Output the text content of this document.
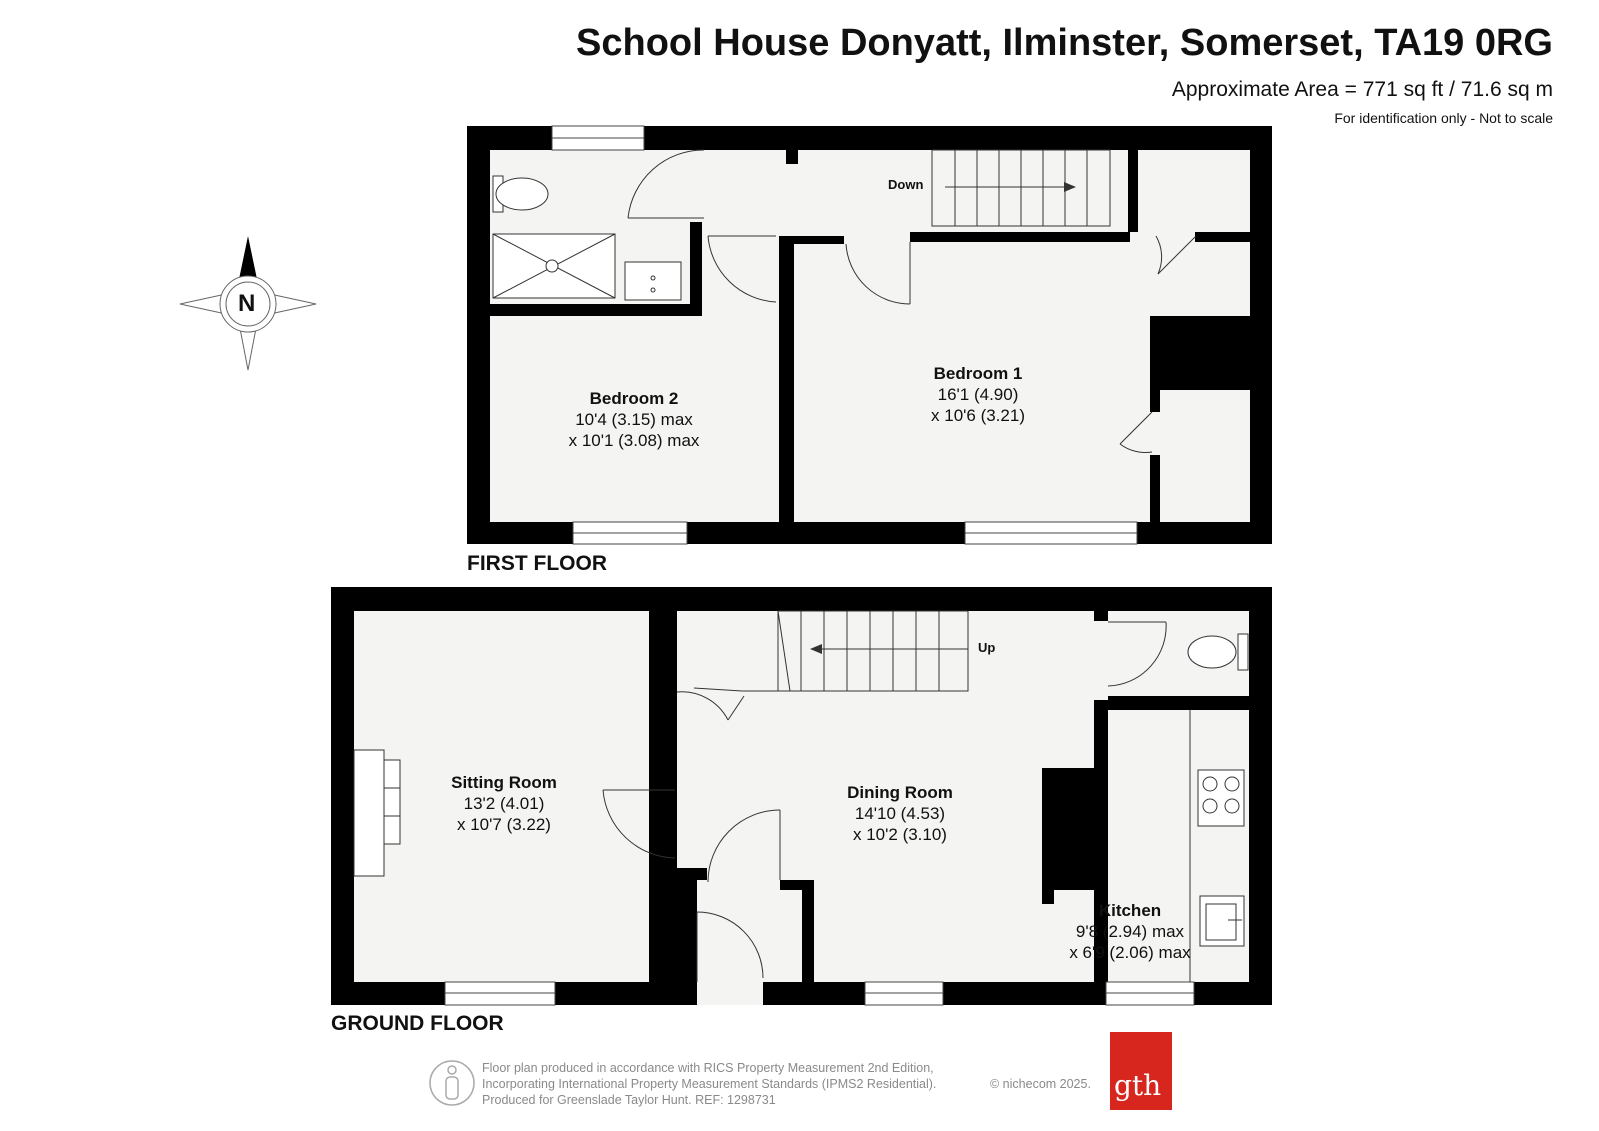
School House Donyatt, Ilminster, Somerset, TA19 0RG
Approximate Area = 771 sq ft / 71.6 sq m
For identification only - Not to scale
N
FIRST FLOOR
GROUND FLOOR
Down
Up
Bedroom 2
10'4 (3.15) max
x 10'1 (3.08) max
Bedroom 1
16'1 (4.90)
x 10'6 (3.21)
Sitting Room
13'2 (4.01)
x 10'7 (3.22)
Dining Room
14'10 (4.53)
x 10'2 (3.10)
Kitchen
9'8 (2.94) max
x 6'9 (2.06) max
Floor plan produced in accordance with RICS Property Measurement 2nd Edition,
Incorporating International Property Measurement Standards (IPMS2 Residential).
Produced for Greenslade Taylor Hunt. REF: 1298731
© nichecom 2025. gth
